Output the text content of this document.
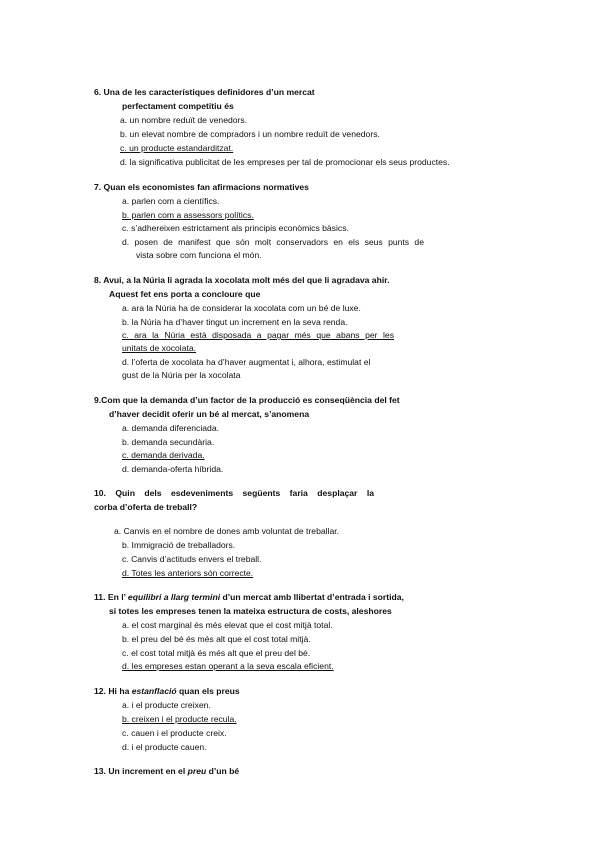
6. Una de les característiques definidores d’un mercat
perfectament competitiu és
a. un nombre reduït de venedors.
b. un elevat nombre de compradors i un nombre reduït de venedors.
c. un producte estandarditzat.
d. la significativa publicitat de les empreses per tal de promocionar els seus productes.
7. Quan els economistes fan afirmacions normatives
a. parlen com a científics.
b. parlen com a assessors polítics.
c. s’adhereixen estrictament als principis econòmics bàsics.
d. posen de manifest que són molt conservadors en els seus punts de
vista sobre com funciona el món.
8. Avui, a la Núria li agrada la xocolata molt més del que li agradava ahir.
Aquest fet ens porta a concloure que
a. ara la Núria ha de considerar la xocolata com un bé de luxe.
b. la Núria ha d’haver tingut un increment en la seva renda.
c. ara la Núria està disposada a pagar més que abans per les
unitats de xocolata.
d. l’oferta de xocolata ha d’haver augmentat i, alhora, estimulat el
gust de la Núria per la xocolata
9.Com que la demanda d’un factor de la producció es conseqüència del fet
d’haver decidit oferir un bé al mercat, s’anomena
a. demanda diferenciada.
b. demanda secundària.
c. demanda derivada.
d. demanda-oferta híbrida.
10. Quin dels esdeveniments següents faria desplaçar la
corba d’oferta de treball?
a. Canvis en el nombre de dones amb voluntat de treballar.
b. Immigració de treballadors.
c. Canvis d’actituds envers el treball.
d. Totes les anteriors són correcte.
11. En l’ equilibri a llarg termini d’un mercat amb llibertat d’entrada i sortida,
si totes les empreses tenen la mateixa estructura de costs, aleshores
a. el cost marginal és més elevat que el cost mitjà total.
b. el preu del bé és més alt que el cost total mitjà.
c. el cost total mitjà és més alt que el preu del bé.
d. les empreses estan operant a la seva escala eficient.
12. Hi ha estanflació quan els preus
a. i el producte creixen.
b. creixen i el producte recula.
c. cauen i el producte creix.
d. i el producte cauen.
13. Un increment en el preu d’un bé
